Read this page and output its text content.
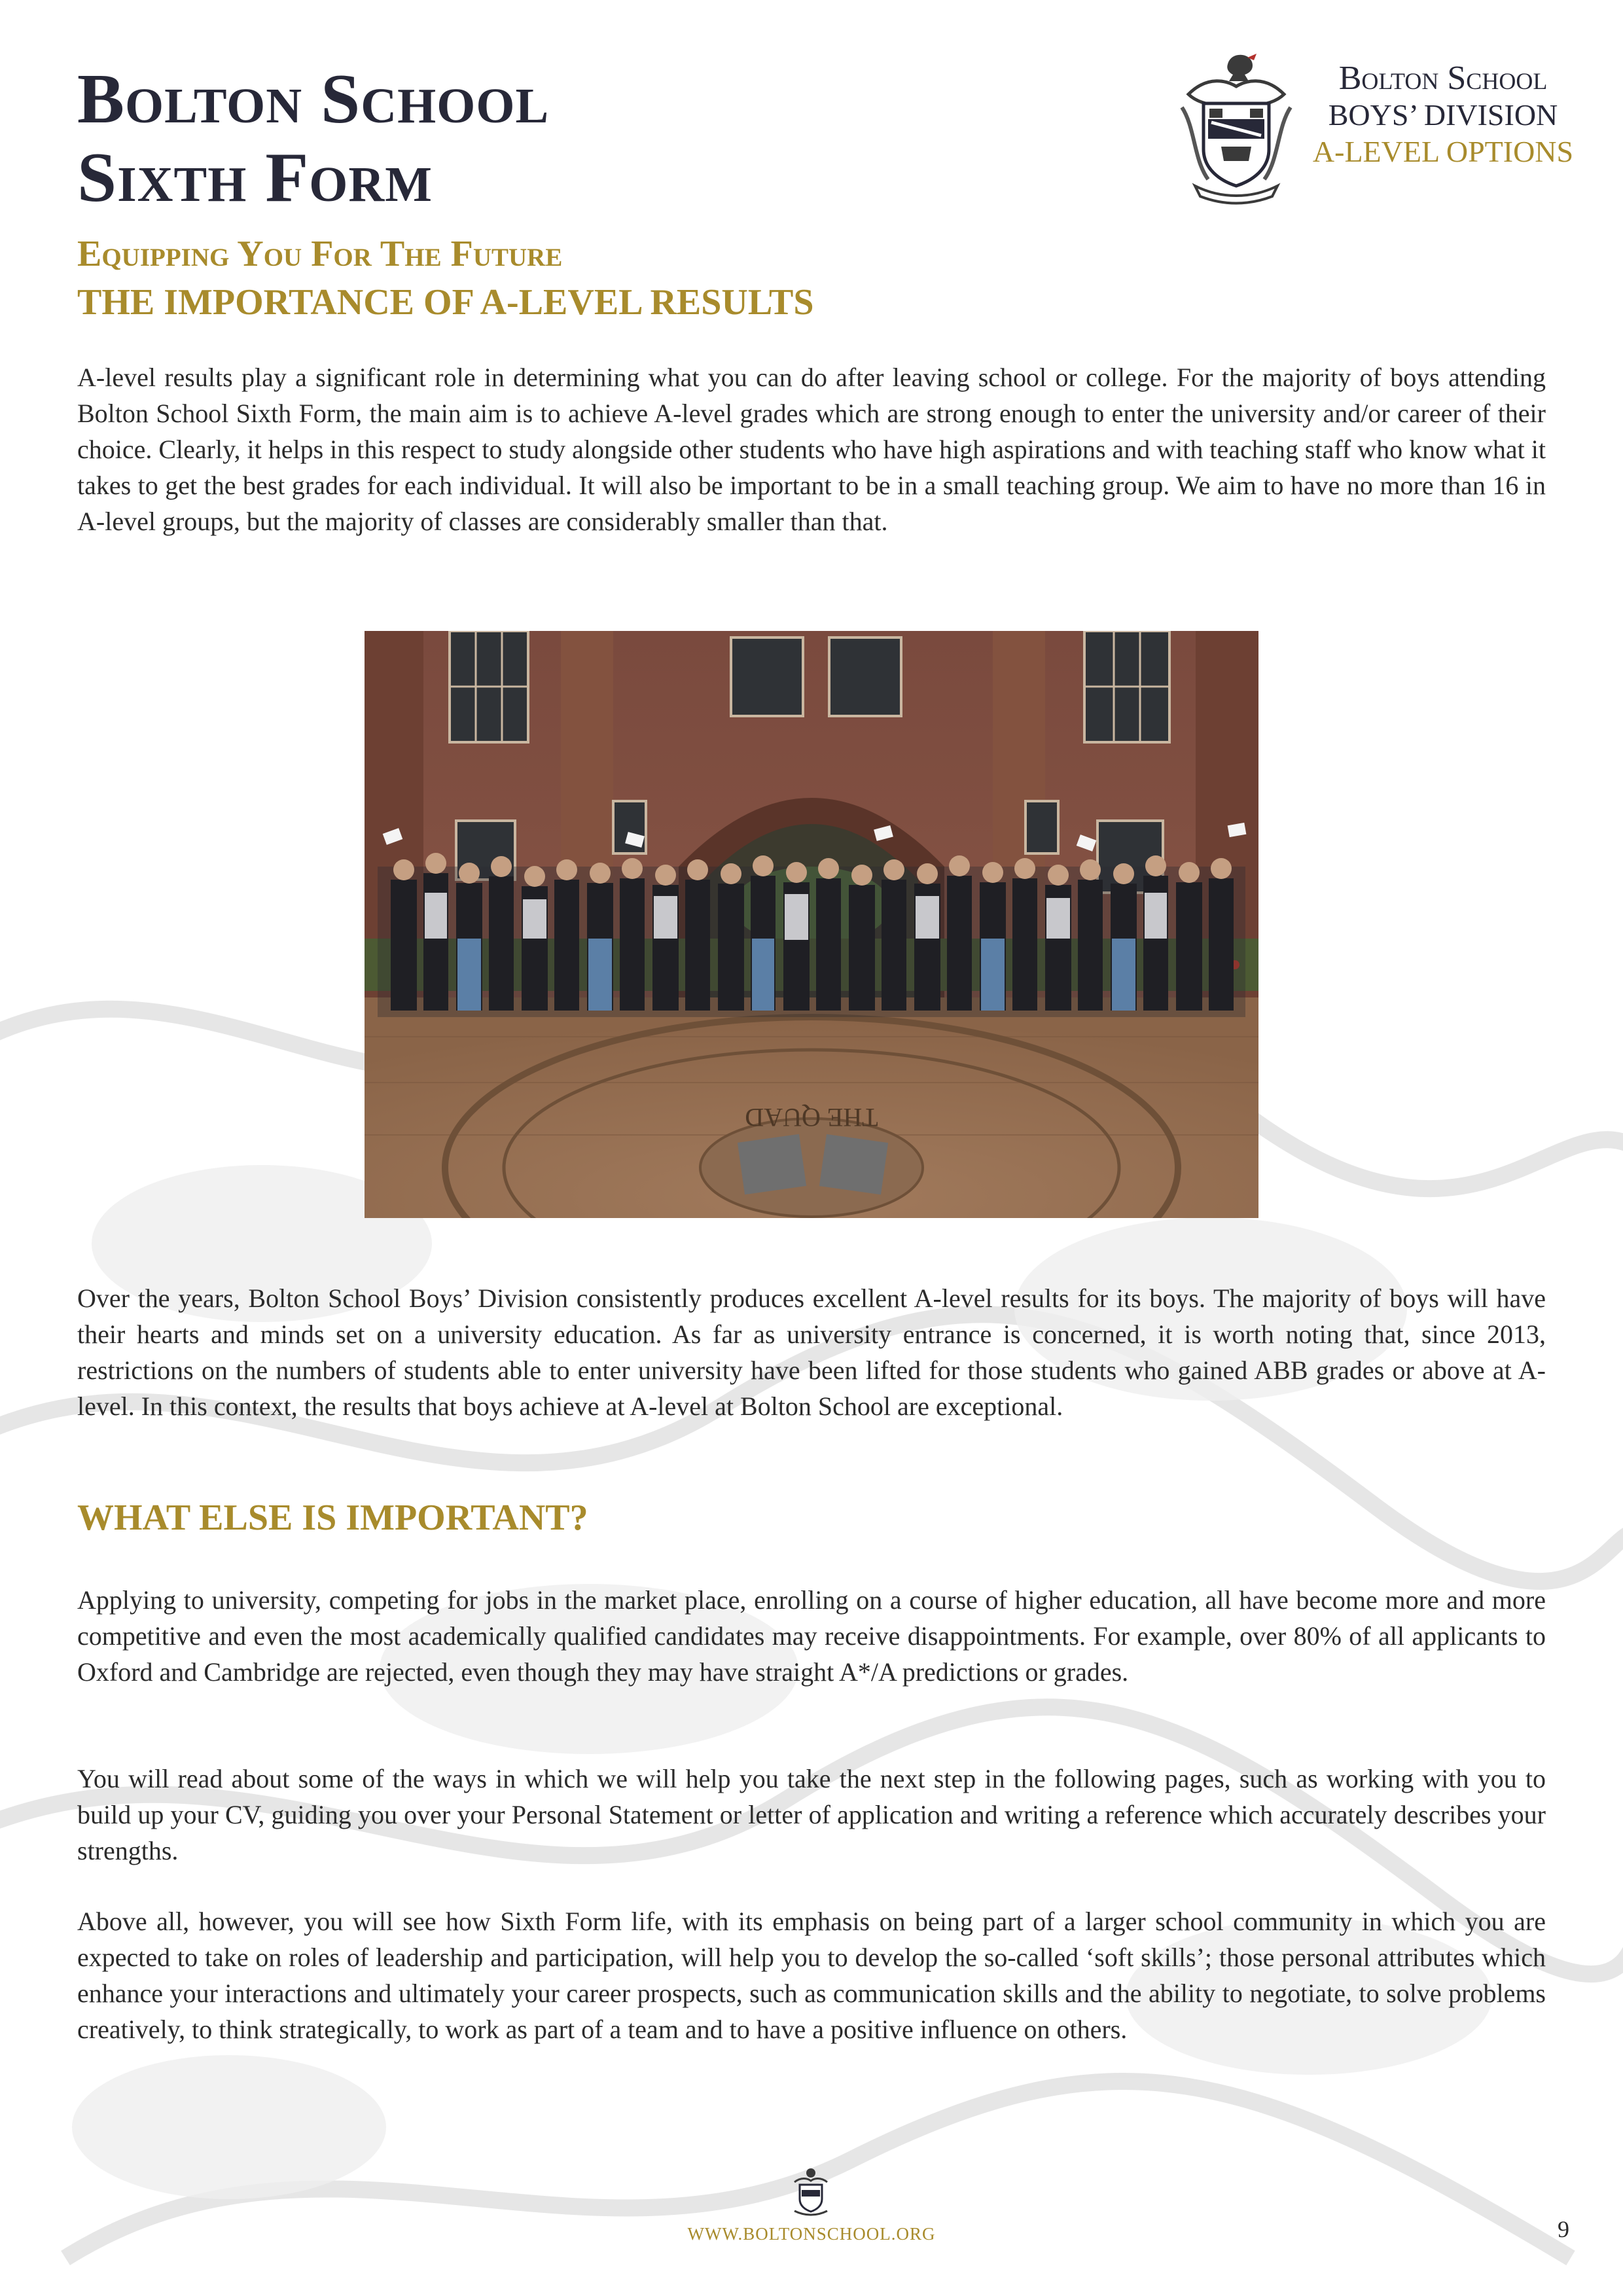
Bolton School
Sixth Form
Bolton School
BOYS’ DIVISION
A-LEVEL OPTIONS
Equipping You For The Future
THE IMPORTANCE OF A-LEVEL RESULTS

A-level results play a significant role in determining what you can do after leaving school or college. For the majority of boys attending Bolton School Sixth Form, the main aim is to achieve A-level grades which are strong enough to enter the university and/or career of their choice. Clearly, it helps in this respect to study alongside other students who have high aspirations and with teaching staff who know what it takes to get the best grades for each individual. It will also be important to be in a small teaching group. We aim to have no more than 16 in A-level groups, but the majority of classes are considerably smaller than that.

THE QUAD

Over the years, Bolton School Boys’ Division consistently produces excellent A-level results for its boys. The majority of boys will have their hearts and minds set on a university education. As far as university entrance is concerned, it is worth noting that, since 2013, restrictions on the numbers of students able to enter university have been lifted for those students who gained ABB grades or above at A-level. In this context, the results that boys achieve at A-level at Bolton School are exceptional.

WHAT ELSE IS IMPORTANT?

Applying to university, competing for jobs in the market place, enrolling on a course of higher education, all have become more and more competitive and even the most academically qualified candidates may receive disappointments. For example, over 80% of all applicants to Oxford and Cambridge are rejected, even though they may have straight A*/A predictions or grades.

You will read about some of the ways in which we will help you take the next step in the following pages, such as working with you to build up your CV, guiding you over your Personal Statement or letter of application and writing a reference which accurately describes your strengths.

Above all, however, you will see how Sixth Form life, with its emphasis on being part of a larger school community in which you are expected to take on roles of leadership and participation, will help you to develop the so-called ‘soft skills’; those personal attributes which enhance your interactions and ultimately your career prospects, such as communication skills and the ability to negotiate, to solve problems creatively, to think strategically, to work as part of a team and to have a positive influence on others.

WWW.BOLTONSCHOOL.ORG	9
